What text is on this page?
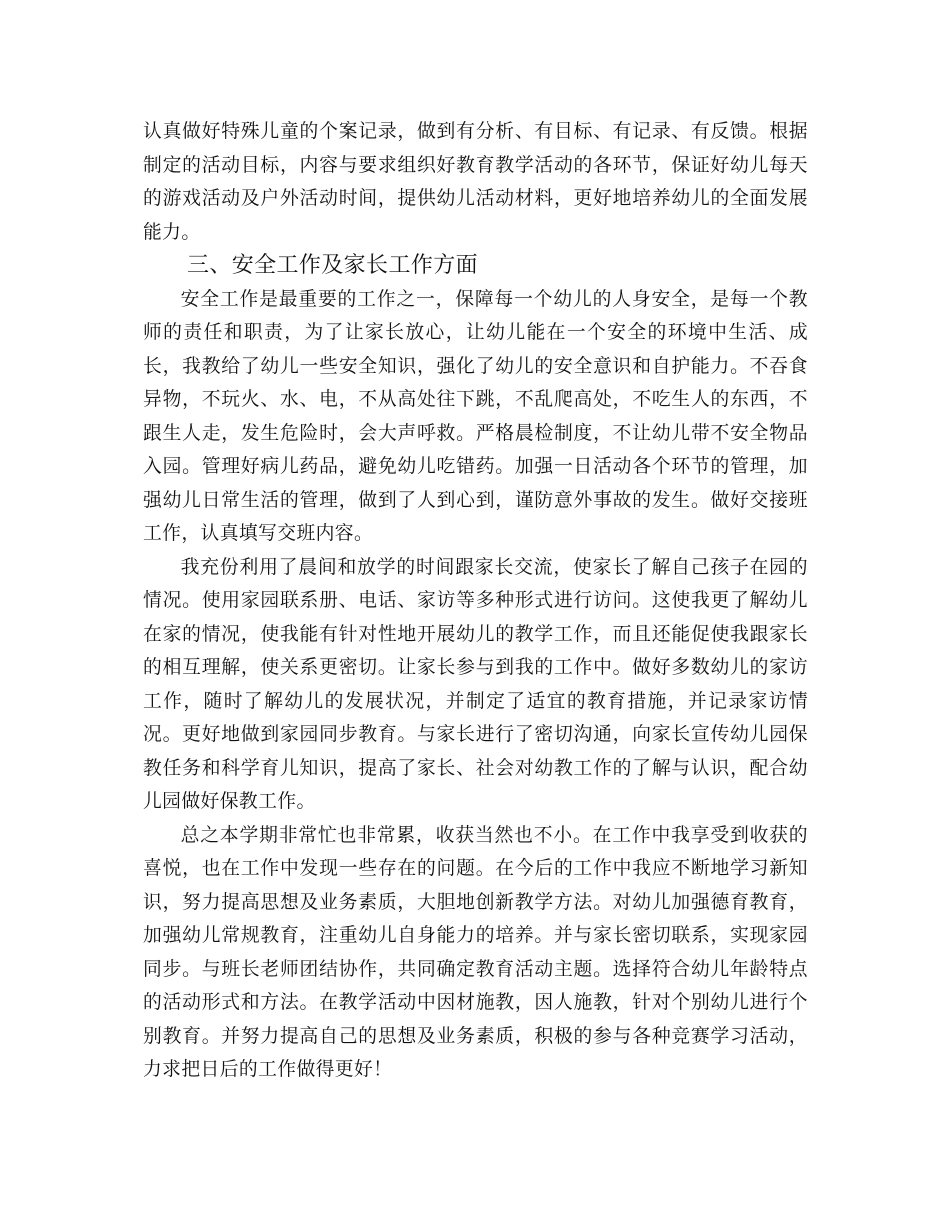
认真做好特殊儿童的个案记录，做到有分析、有目标、有记录、有反馈。根据制定的活动目标，内容与要求组织好教育教学活动的各环节，保证好幼儿每天的游戏活动及户外活动时间，提供幼儿活动材料，更好地培养幼儿的全面发展能力。

三、安全工作及家长工作方面

安全工作是最重要的工作之一，保障每一个幼儿的人身安全，是每一个教师的责任和职责，为了让家长放心，让幼儿能在一个安全的环境中生活、成长，我教给了幼儿一些安全知识，强化了幼儿的安全意识和自护能力。不吞食异物，不玩火、水、电，不从高处往下跳，不乱爬高处，不吃生人的东西，不跟生人走，发生危险时，会大声呼救。严格晨检制度，不让幼儿带不安全物品入园。管理好病儿药品，避免幼儿吃错药。加强一日活动各个环节的管理，加强幼儿日常生活的管理，做到了人到心到，谨防意外事故的发生。做好交接班工作，认真填写交班内容。

我充份利用了晨间和放学的时间跟家长交流，使家长了解自己孩子在园的情况。使用家园联系册、电话、家访等多种形式进行访问。这使我更了解幼儿在家的情况，使我能有针对性地开展幼儿的教学工作，而且还能促使我跟家长的相互理解，使关系更密切。让家长参与到我的工作中。做好多数幼儿的家访工作，随时了解幼儿的发展状况，并制定了适宜的教育措施，并记录家访情况。更好地做到家园同步教育。与家长进行了密切沟通，向家长宣传幼儿园保教任务和科学育儿知识，提高了家长、社会对幼教工作的了解与认识，配合幼儿园做好保教工作。

总之本学期非常忙也非常累，收获当然也不小。在工作中我享受到收获的喜悦，也在工作中发现一些存在的问题。在今后的工作中我应不断地学习新知识，努力提高思想及业务素质，大胆地创新教学方法。对幼儿加强德育教育，加强幼儿常规教育，注重幼儿自身能力的培养。并与家长密切联系，实现家园同步。与班长老师团结协作，共同确定教育活动主题。选择符合幼儿年龄特点的活动形式和方法。在教学活动中因材施教，因人施教，针对个别幼儿进行个别教育。并努力提高自己的思想及业务素质，积极的参与各种竞赛学习活动，力求把日后的工作做得更好！
